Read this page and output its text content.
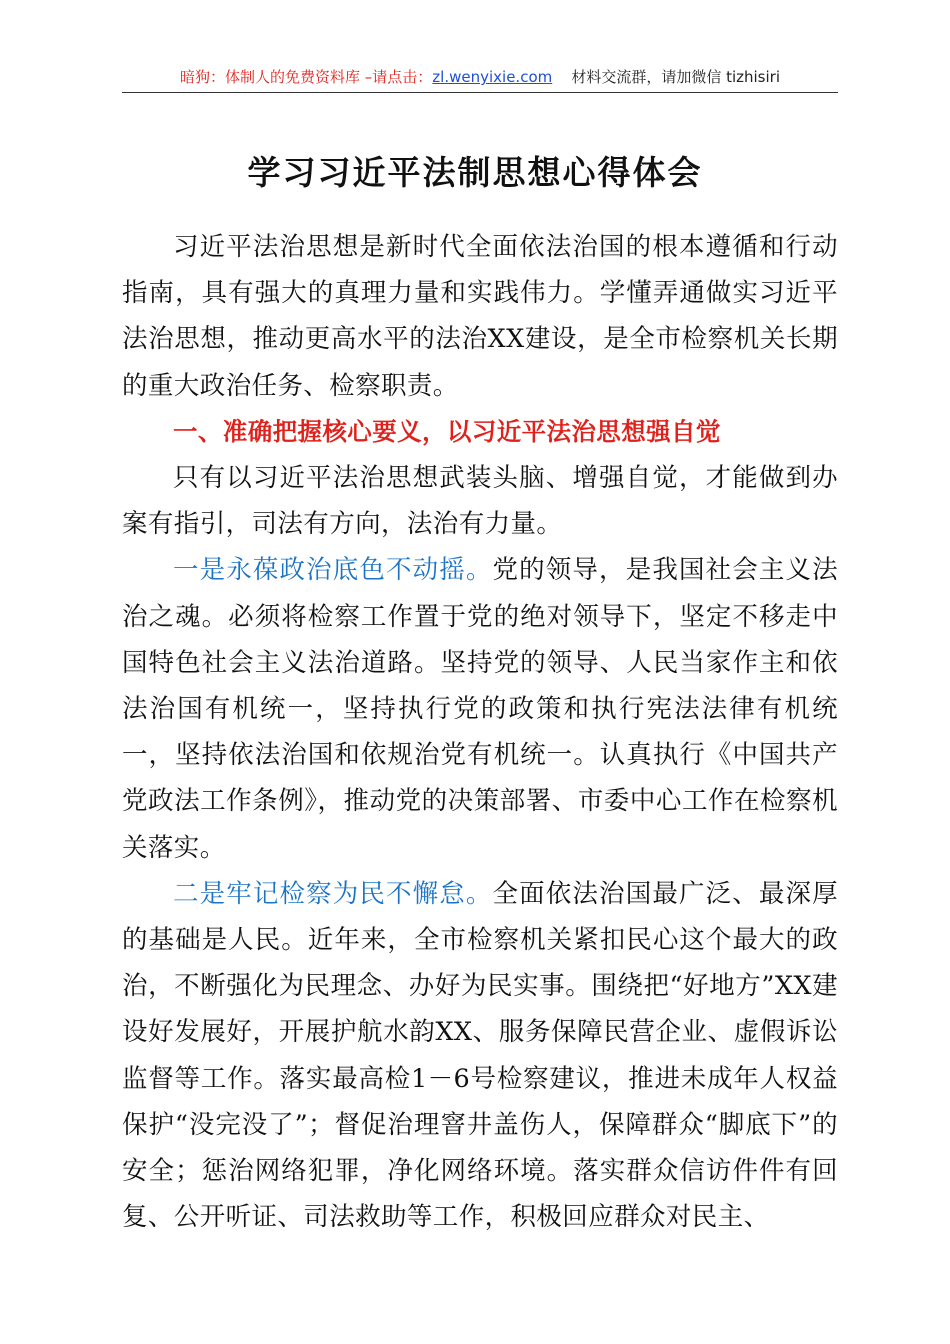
暗狗：体制人的免费资料库 –请点击：zl.wenyixie.com 材料交流群，请加微信 tizhisiri
学习习近平法制思想心得体会

习近平法治思想是新时代全面依法治国的根本遵循和行动指南，具有强大的真理力量和实践伟力。学懂弄通做实习近平法治思想，推动更高水平的法治XX建设，是全市检察机关长期的重大政治任务、检察职责。

一、准确把握核心要义，以习近平法治思想强自觉

只有以习近平法治思想武装头脑、增强自觉，才能做到办案有指引，司法有方向，法治有力量。

一是永葆政治底色不动摇。党的领导，是我国社会主义法治之魂。必须将检察工作置于党的绝对领导下，坚定不移走中国特色社会主义法治道路。坚持党的领导、人民当家作主和依法治国有机统一，坚持执行党的政策和执行宪法法律有机统一，坚持依法治国和依规治党有机统一。认真执行《中国共产党政法工作条例》，推动党的决策部署、市委中心工作在检察机关落实。

二是牢记检察为民不懈怠。全面依法治国最广泛、最深厚的基础是人民。近年来，全市检察机关紧扣民心这个最大的政治，不断强化为民理念、办好为民实事。围绕把“好地方”XX建设好发展好，开展护航水韵XX、服务保障民营企业、虚假诉讼监督等工作。落实最高检1－6号检察建议，推进未成年人权益保护“没完没了”；督促治理窨井盖伤人，保障群众“脚底下”的安全；惩治网络犯罪，净化网络环境。落实群众信访件件有回复、公开听证、司法救助等工作，积极回应群众对民主、
